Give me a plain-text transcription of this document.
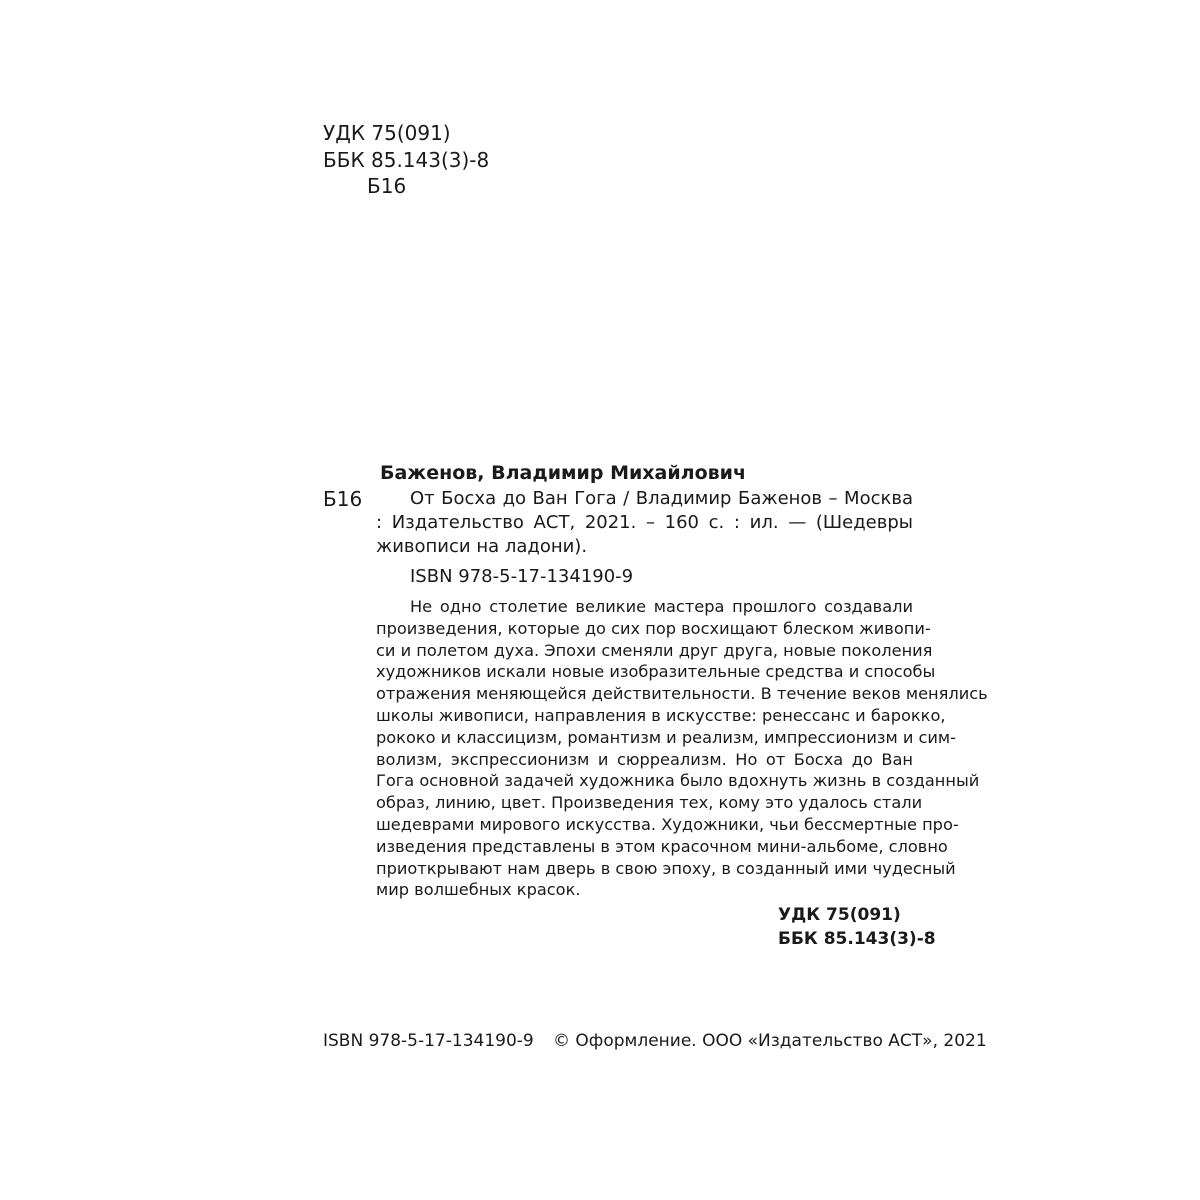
УДК 75(091)
ББК 85.143(3)-8
Б16
Баженов, Владимир Михайлович
Б16	От Босха до Ван Гога / Владимир Баженов – Москва : Издательство АСТ, 2021. – 160 с. : ил. — (Шедевры живописи на ладони).
ISBN 978-5-17-134190-9
Не одно столетие великие мастера прошлого создавали
произведения, которые до сих пор восхищают блеском живопи-
си и полетом духа. Эпохи сменяли друг друга, новые поколения
художников искали новые изобразительные средства и способы
отражения меняющейся действительности. В течение веков менялись
школы живописи, направления в искусстве: ренессанс и барокко,
рококо и классицизм, романтизм и реализм, импрессионизм и сим-
волизм, экспрессионизм и сюрреализм. Но от Босха до Ван
Гога основной задачей художника было вдохнуть жизнь в созданный
образ, линию, цвет. Произведения тех, кому это удалось стали
шедеврами мирового искусства. Художники, чьи бессмертные про-
изведения представлены в этом красочном мини-альбоме, словно
приоткрывают нам дверь в свою эпоху, в созданный ими чудесный
мир волшебных красок.
УДК 75(091)
ББК 85.143(3)-8
ISBN 978-5-17-134190-9 © Оформление. ООО «Издательство АСТ», 2021
